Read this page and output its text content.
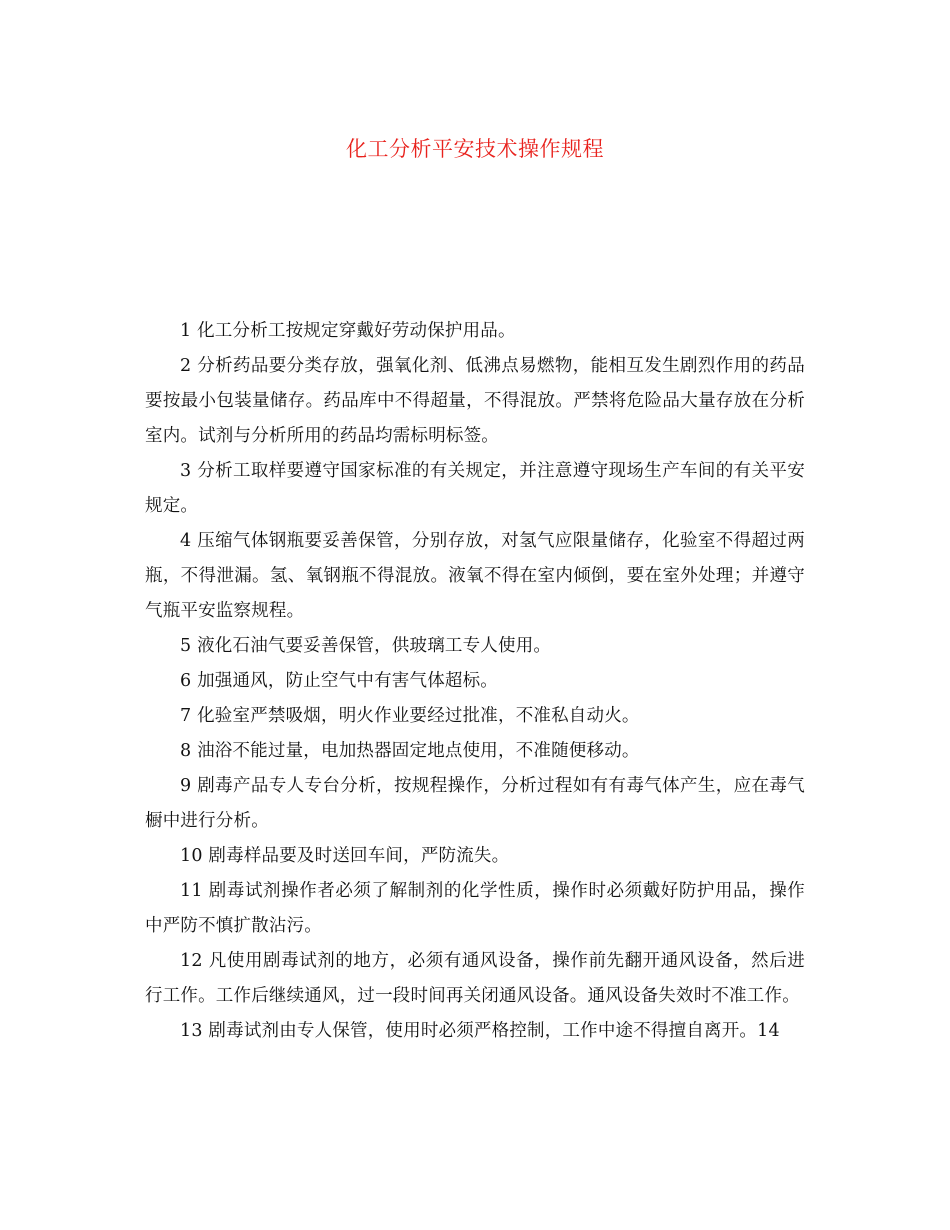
化工分析平安技术操作规程

1 化工分析工按规定穿戴好劳动保护用品。

2 分析药品要分类存放，强氧化剂、低沸点易燃物，能相互发生剧烈作用的药品要按最小包装量储存。药品库中不得超量，不得混放。严禁将危险品大量存放在分析室内。试剂与分析所用的药品均需标明标签。

3 分析工取样要遵守国家标准的有关规定，并注意遵守现场生产车间的有关平安规定。

4 压缩气体钢瓶要妥善保管，分别存放，对氢气应限量储存，化验室不得超过两瓶，不得泄漏。氢、氧钢瓶不得混放。液氧不得在室内倾倒，要在室外处理；并遵守气瓶平安监察规程。

5 液化石油气要妥善保管，供玻璃工专人使用。

6 加强通风，防止空气中有害气体超标。

7 化验室严禁吸烟，明火作业要经过批准，不准私自动火。

8 油浴不能过量，电加热器固定地点使用，不准随便移动。

9 剧毒产品专人专台分析，按规程操作，分析过程如有有毒气体产生，应在毒气橱中进行分析。

10 剧毒样品要及时送回车间，严防流失。

11 剧毒试剂操作者必须了解制剂的化学性质，操作时必须戴好防护用品，操作中严防不慎扩散沾污。

12 凡使用剧毒试剂的地方，必须有通风设备，操作前先翻开通风设备，然后进行工作。工作后继续通风，过一段时间再关闭通风设备。通风设备失效时不准工作。

13 剧毒试剂由专人保管，使用时必须严格控制，工作中途不得擅自离开。14
